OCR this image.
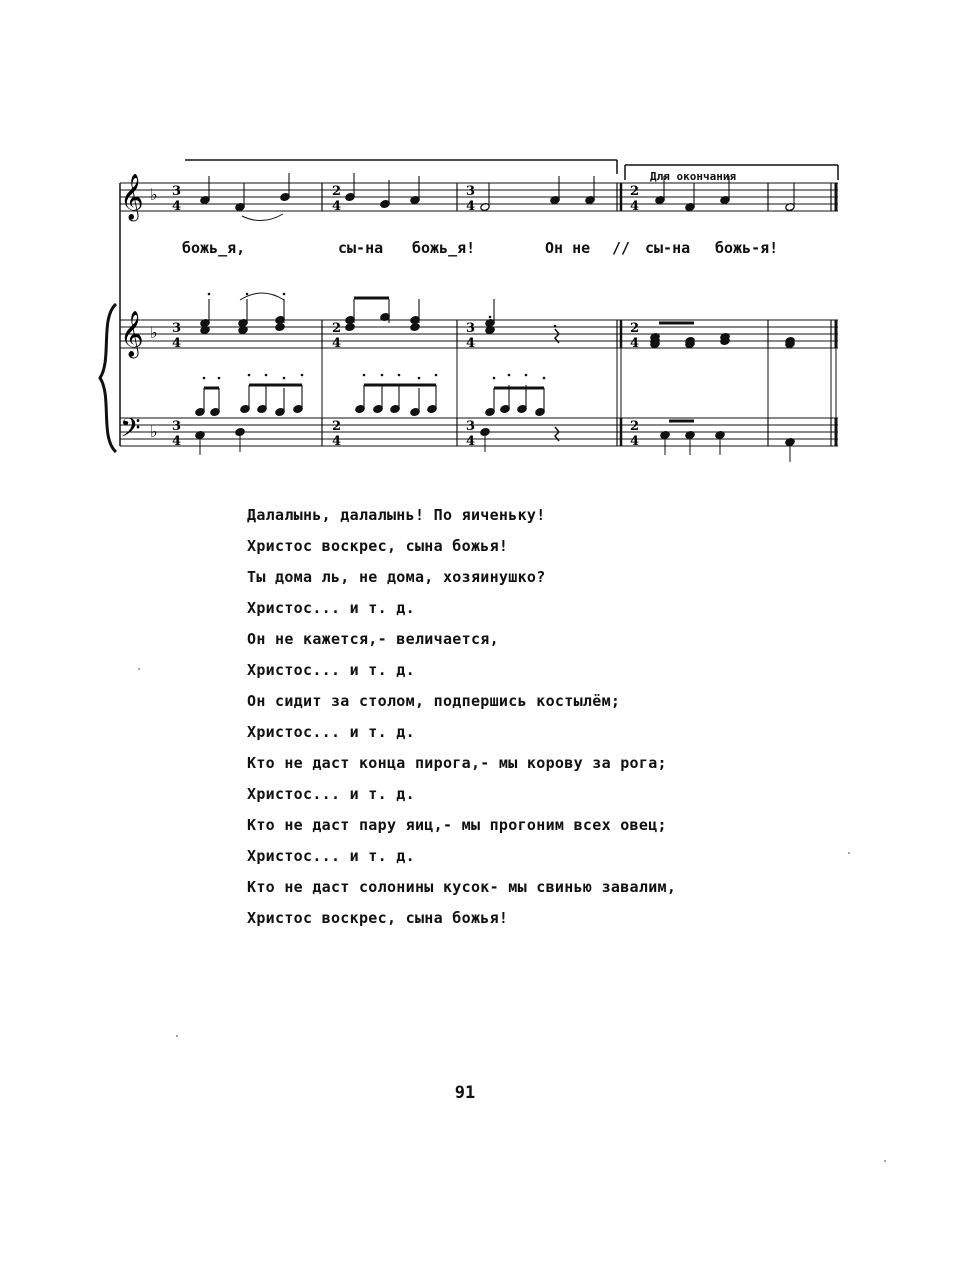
Для окончания
3
4
2
4
3
4
2
4
3
4
2
4
3
4
2
4
3
4
2
4
3
4
2
4
𝄞
𝄞
𝄢
♭
♭
♭
божь_я,	сы-на божь_я!	Он не // сы-на божь-я!
Далалынь, далалынь! По яиченьку!
Христос воскрес, сына божья!
Ты дома ль, не дома, хозяинушко?
Христос... и т. д.
Он не кажется,- величается,
Христос... и т. д.
Он сидит за столом, подпершись костылём;
Христос... и т. д.
Кто не даст конца пирога,- мы корову за рога;
Христос... и т. д.
Кто не даст пару яиц,- мы прогоним всех овец;
Христос... и т. д.
Кто не даст солонины кусок- мы свинью завалим,
Христос воскрес, сына божья!
91
